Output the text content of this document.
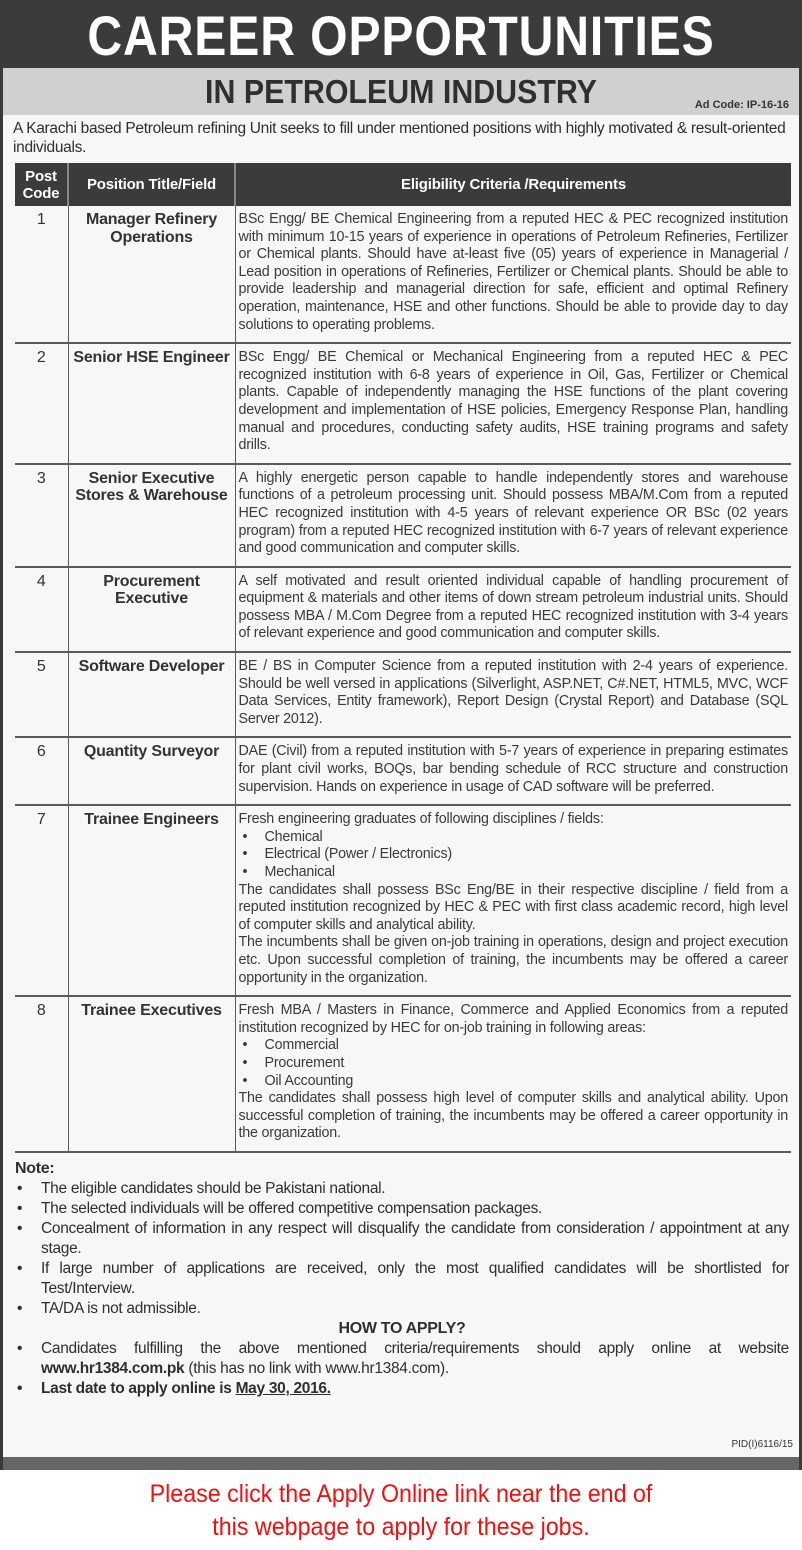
CAREER OPPORTUNITIES
IN PETROLEUM INDUSTRY	Ad Code: IP-16-16

A Karachi based Petroleum refining Unit seeks to fill under mentioned positions with highly motivated & result-oriented individuals.

Post
Code	Position Title/Field	Eligibility Criteria /Requirements
1	Manager Refinery Operations	BSc Engg/ BE Chemical Engineering from a reputed HEC & PEC recognized institution with minimum 10-15 years of experience in operations of Petroleum Refineries, Fertilizer or Chemical plants. Should have at-least five (05) years of experience in Managerial / Lead position in operations of Refineries, Fertilizer or Chemical plants. Should be able to provide leadership and managerial direction for safe, efficient and optimal Refinery operation, maintenance, HSE and other functions. Should be able to provide day to day solutions to operating problems.
2	Senior HSE Engineer	BSc Engg/ BE Chemical or Mechanical Engineering from a reputed HEC & PEC recognized institution with 6-8 years of experience in Oil, Gas, Fertilizer or Chemical plants. Capable of independently managing the HSE functions of the plant covering development and implementation of HSE policies, Emergency Response Plan, handling manual and procedures, conducting safety audits, HSE training programs and safety drills.
3	Senior Executive Stores & Warehouse	A highly energetic person capable to handle independently stores and warehouse functions of a petroleum processing unit. Should possess MBA/M.Com from a reputed HEC recognized institution with 4-5 years of relevant experience OR BSc (02 years program) from a reputed HEC recognized institution with 6-7 years of relevant experience and good communication and computer skills.
4	Procurement Executive	A self motivated and result oriented individual capable of handling procurement of equipment & materials and other items of down stream petroleum industrial units. Should possess MBA / M.Com Degree from a reputed HEC recognized institution with 3-4 years of relevant experience and good communication and computer skills.
5	Software Developer	BE / BS in Computer Science from a reputed institution with 2-4 years of experience. Should be well versed in applications (Silverlight, ASP.NET, C#.NET, HTML5, MVC, WCF Data Services, Entity framework), Report Design (Crystal Report) and Database (SQL Server 2012).
6	Quantity Surveyor	DAE (Civil) from a reputed institution with 5-7 years of experience in preparing estimates for plant civil works, BOQs, bar bending schedule of RCC structure and construction supervision. Hands on experience in usage of CAD software will be preferred.
7	Trainee Engineers	Fresh engineering graduates of following disciplines / fields:
• Chemical
• Electrical (Power / Electronics)
• Mechanical
The candidates shall possess BSc Eng/BE in their respective discipline / field from a reputed institution recognized by HEC & PEC with first class academic record, high level of computer skills and analytical ability.
The incumbents shall be given on-job training in operations, design and project execution etc. Upon successful completion of training, the incumbents may be offered a career opportunity in the organization.

8	Trainee Executives	Fresh MBA / Masters in Finance, Commerce and Applied Economics from a reputed institution recognized by HEC for on-job training in following areas:
• Commercial
• Procurement
• Oil Accounting
The candidates shall possess high level of computer skills and analytical ability. Upon successful completion of training, the incumbents may be offered a career opportunity in the organization.
Note:
• The eligible candidates should be Pakistani national.
• The selected individuals will be offered competitive compensation packages.
• Concealment of information in any respect will disqualify the candidate from consideration / appointment at any stage.
• If large number of applications are received, only the most qualified candidates will be shortlisted for Test/Interview.
• TA/DA is not admissible.
HOW TO APPLY?
• Candidates fulfilling the above mentioned criteria/requirements should apply online at website www.hr1384.com.pk (this has no link with www.hr1384.com).
• Last date to apply online is May 30, 2016.
PID(I)6116/15
Please click the Apply Online link near the end of
this webpage to apply for these jobs.
